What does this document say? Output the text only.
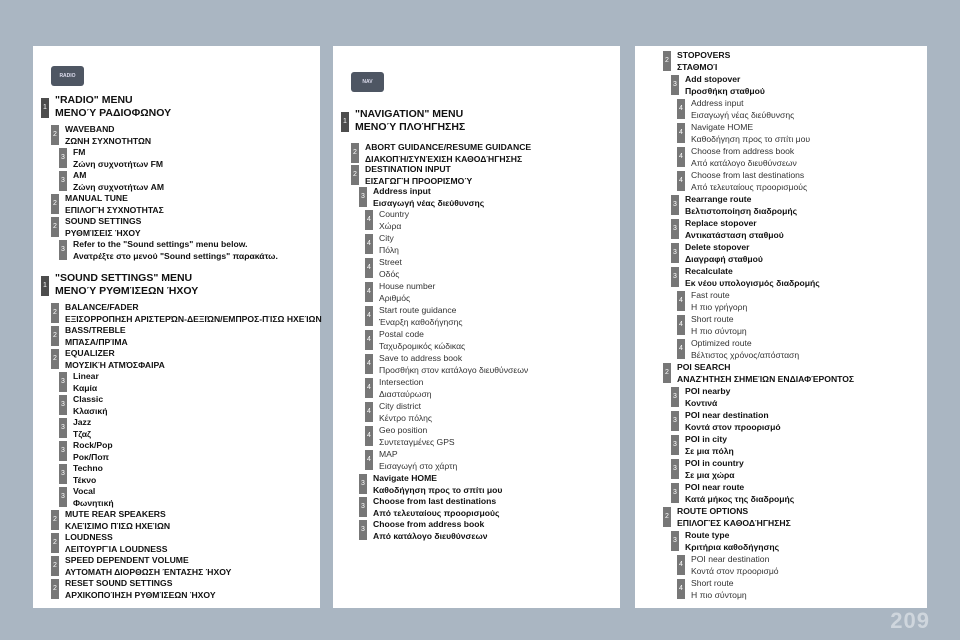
RADIO
1
"RADIO" MENU
ΜΕΝΟΎ ΡΑΔΙΟΦΩΝΟΥ
2
WAVEBAND
ΖΩΝΗ ΣΥΧΝΟΤΗΤΩΝ
3
FM
Ζώνη συχνοτήτων FM
3
AM
Ζώνη συχνοτήτων AM
2
MANUAL TUNE
ΕΠΙΛΟΓΉ ΣΥΧΝΟΤΗΤΑΣ
2
SOUND SETTINGS
ΡΥΘΜΊΣΕΙΣ ΉΧΟΥ
3
Refer to the "Sound settings" menu below.
Ανατρέξτε στο μενού "Sound settings" παρακάτω.
1
"SOUND SETTINGS" MENU
ΜΕΝΟΎ ΡΥΘΜΊΣΕΩΝ ΉΧΟΥ
2
BALANCE/FADER
ΕΞΙΣΟΡΡΟΠΗΣΗ ΑΡΙΣΤΕΡΏΝ-ΔΕΞΙΏΝ/ΕΜΠΡΟΣ-ΠΊΣΩ ΗΧΕΊΩΝ
2
BASS/TREBLE
ΜΠΆΣΑ/ΠΡΊΜΑ
2
EQUALIZER
ΜΟΥΣΙΚΉ ΑΤΜΌΣΦΑΙΡΑ
3
Linear
Καμία
3
Classic
Κλασική
3
Jazz
Τζαζ
3
Rock/Pop
Ροκ/Ποπ
3
Techno
Τέκνο
3
Vocal
Φωνητική
2
MUTE REAR SPEAKERS
ΚΛΕΊΣΙΜΟ ΠΊΣΩ ΗΧΕΊΩΝ
2
LOUDNESS
ΛΕΙΤΟΥΡΓΊΑ LOUDNESS
2
SPEED DEPENDENT VOLUME
ΑΥΤΟΜΑΤΗ ΔΙΟΡΘΩΣΗ ΈΝΤΑΣΗΣ ΉΧΟΥ
2
RESET SOUND SETTINGS
ΑΡΧΙΚΟΠΟΊΗΣΗ ΡΥΘΜΊΣΕΩΝ ΉΧΟΥ
NAV
1
"NAVIGATION" MENU
ΜΕΝΟΎ ΠΛΟΉΓΗΣΗΣ
2
ABORT GUIDANCE/RESUME GUIDANCE
ΔΙΑΚΟΠΉ/ΣΥΝΈΧΙΣΗ ΚΑΘΟΔΉΓΗΣΗΣ
2
DESTINATION INPUT
ΕΙΣΑΓΩΓΉ ΠΡΟΟΡΙΣΜΟΎ
3
Address input
Εισαγωγή νέας διεύθυνσης
4
Country
Χώρα
4
City
Πόλη
4
Street
Οδός
4
House number
Αριθμός
4
Start route guidance
Έναρξη καθοδήγησης
4
Postal code
Ταχυδρομικός κώδικας
4
Save to address book
Προσθήκη στον κατάλογο διευθύνσεων
4
Intersection
Διασταύρωση
4
City district
Κέντρο πόλης
4
Geo position
Συντεταγμένες GPS
4
MAP
Εισαγωγή στο χάρτη
3
Navigate HOME
Καθοδήγηση προς το σπίτι μου
3
Choose from last destinations
Από τελευταίους προορισμούς
3
Choose from address book
Από κατάλογο διευθύνσεων
2
STOPOVERS
ΣΤΑΘΜΟΊ
3
Add stopover
Προσθήκη σταθμού
4
Address input
Εισαγωγή νέας διεύθυνσης
4
Navigate HOME
Καθοδήγηση προς το σπίτι μου
4
Choose from address book
Από κατάλογο διευθύνσεων
4
Choose from last destinations
Από τελευταίους προορισμούς
3
Rearrange route
Βελτιστοποίηση διαδρομής
3
Replace stopover
Αντικατάσταση σταθμού
3
Delete stopover
Διαγραφή σταθμού
3
Recalculate
Εκ νέου υπολογισμός διαδρομής
4
Fast route
Η πιο γρήγορη
4
Short route
Η πιο σύντομη
4
Optimized route
Βέλτιστος χρόνος/απόσταση
2
POI SEARCH
ΑΝΑΖΉΤΗΣΗ ΣΗΜΕΊΩΝ ΕΝΔΙΑΦΈΡΟΝΤΟΣ
3
POI nearby
Κοντινά
3
POI near destination
Κοντά στον προορισμό
3
POI in city
Σε μια πόλη
3
POI in country
Σε μια χώρα
3
POI near route
Κατά μήκος της διαδρομής
2
ROUTE OPTIONS
ΕΠΙΛΟΓΈΣ ΚΑΘΟΔΉΓΗΣΗΣ
3
Route type
Κριτήρια καθοδήγησης
4
POI near destination
Κοντά στον προορισμό
4
Short route
Η πιο σύντομη
209
